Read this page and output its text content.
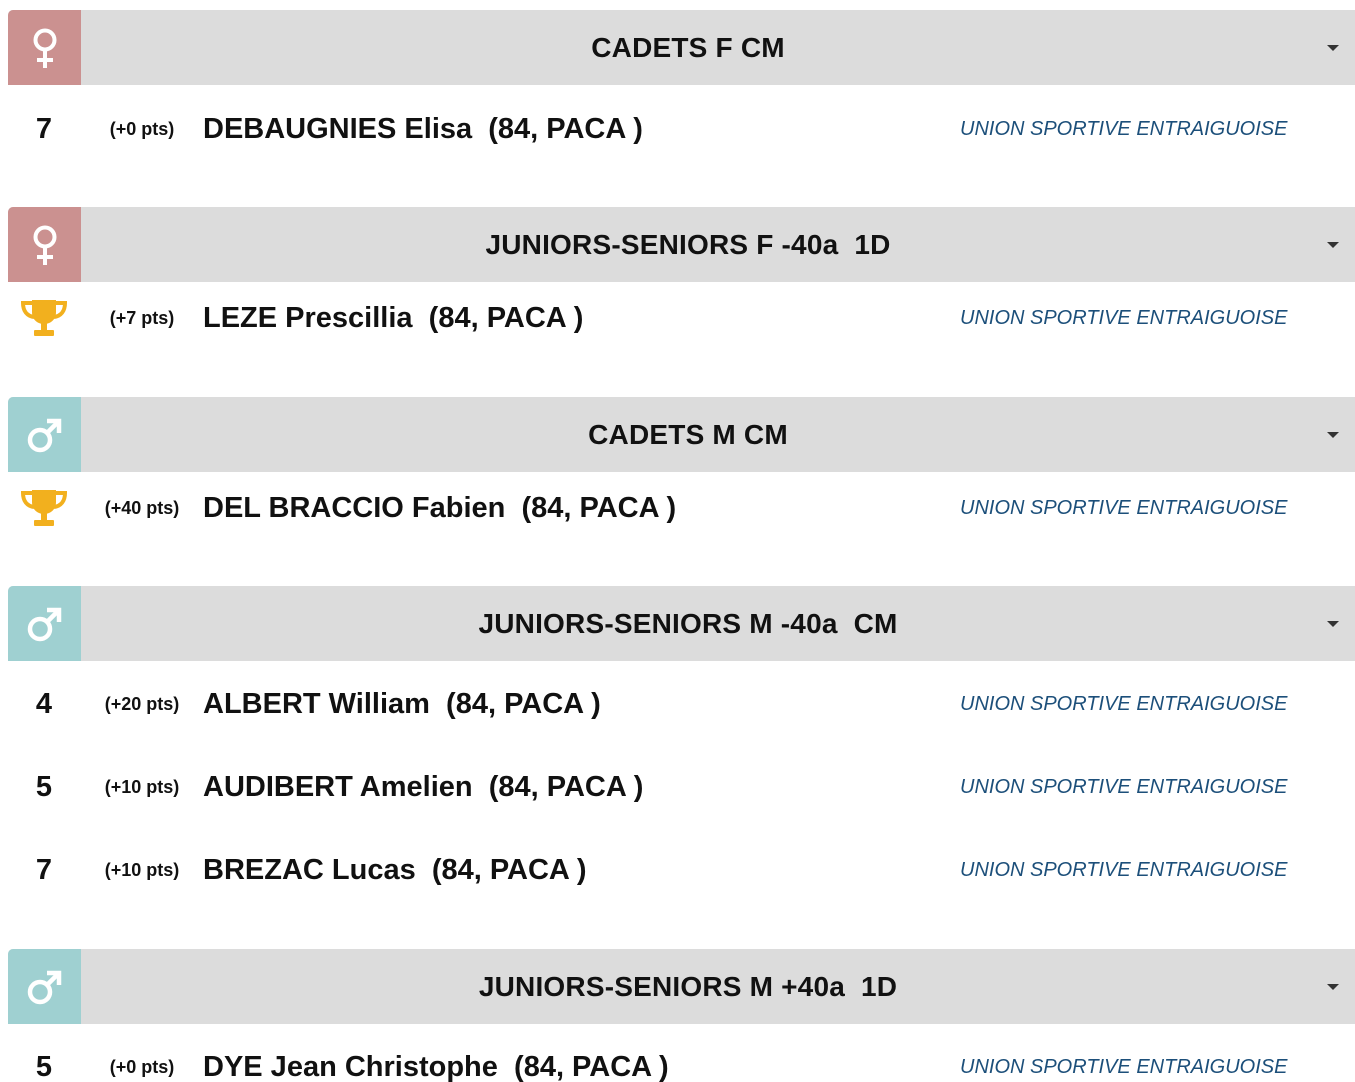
CADETS F CM
7	(+0 pts) DEBAUGNIES Elisa (84, PACA )	UNION SPORTIVE ENTRAIGUOISE
JUNIORS-SENIORS F -40a  1D
(+7 pts) LEZE Prescillia (84, PACA )	UNION SPORTIVE ENTRAIGUOISE
CADETS M CM
(+40 pts) DEL BRACCIO Fabien (84, PACA )	UNION SPORTIVE ENTRAIGUOISE
JUNIORS-SENIORS M -40a  CM
4	(+20 pts) ALBERT William (84, PACA )	UNION SPORTIVE ENTRAIGUOISE
5	(+10 pts) AUDIBERT Amelien (84, PACA )	UNION SPORTIVE ENTRAIGUOISE
7	(+10 pts) BREZAC Lucas (84, PACA )	UNION SPORTIVE ENTRAIGUOISE
JUNIORS-SENIORS M +40a  1D
5	(+0 pts) DYE Jean Christophe (84, PACA )	UNION SPORTIVE ENTRAIGUOISE
